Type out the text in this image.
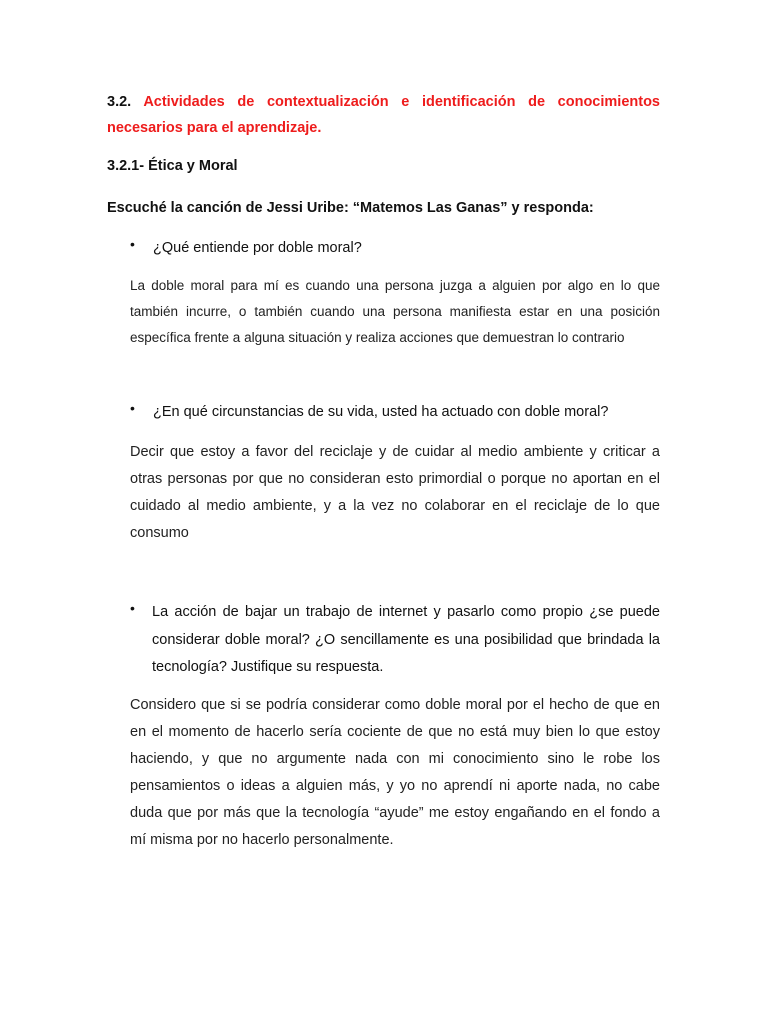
3.2. Actividades de contextualización e identificación de conocimientos necesarios para el aprendizaje.
3.2.1- Ética y Moral
Escuché la canción de Jessi Uribe: “Matemos Las Ganas” y responda:
• ¿Qué entiende por doble moral?

La doble moral para mí es cuando una persona juzga a alguien por algo en lo que también incurre, o también cuando una persona manifiesta estar en una posición específica frente a alguna situación y realiza acciones que demuestran lo contrario

• ¿En qué circunstancias de su vida, usted ha actuado con doble moral?

Decir que estoy a favor del reciclaje y de cuidar al medio ambiente y criticar a otras personas por que no consideran esto primordial o porque no aportan en el cuidado al medio ambiente, y a la vez no colaborar en el reciclaje de lo que consumo

• La acción de bajar un trabajo de internet y pasarlo como propio ¿se puede considerar doble moral? ¿O sencillamente es una posibilidad que brindada la tecnología? Justifique su respuesta.

Considero que si se podría considerar como doble moral por el hecho de que en en el momento de hacerlo sería cociente de que no está muy bien lo que estoy haciendo, y que no argumente nada con mi conocimiento sino le robe los pensamientos o ideas a alguien más, y yo no aprendí ni aporte nada, no cabe duda que por más que la tecnología “ayude” me estoy engañando en el fondo a mí misma por no hacerlo personalmente.
